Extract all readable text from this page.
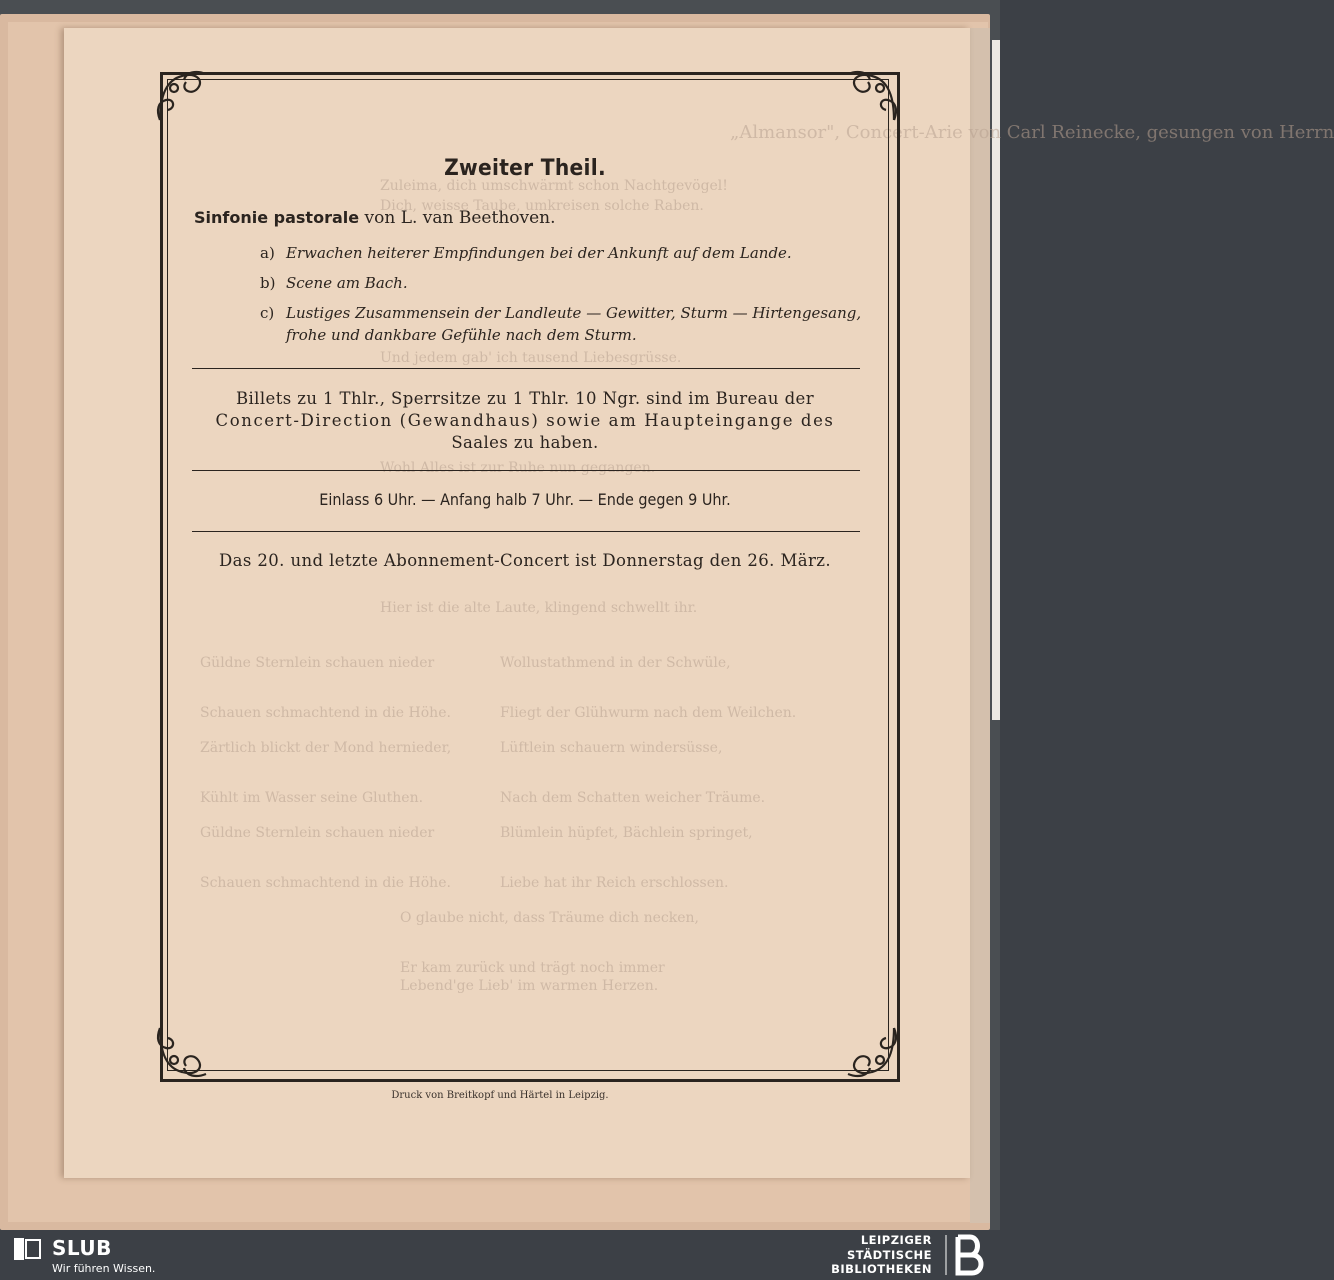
„Almansor", Concert-Arie von Carl Reinecke, gesungen von Herrn
Zuleima, dich umschwärmt schon Nachtgevögel!
Dich, weisse Taube, umkreisen solche Raben.
Und jedem gab' ich tausend Liebesgrüsse.
Wohl Alles ist zur Ruhe nun gegangen.
Hier ist die alte Laute, klingend schwellt ihr.
Güldne Sternlein schauen nieder	Wollustathmend in der Schwüle,
Schauen schmachtend in die Höhe.	Fliegt der Glühwurm nach dem Weilchen.
Zärtlich blickt der Mond hernieder,	Lüftlein schauern windersüsse,
Kühlt im Wasser seine Gluthen.	Nach dem Schatten weicher Träume.
Güldne Sternlein schauen nieder	Blümlein hüpfet, Bächlein springet,
Schauen schmachtend in die Höhe.	Liebe hat ihr Reich erschlossen.
O glaube nicht, dass Träume dich necken,
Er kam zurück und trägt noch immer
Lebend'ge Lieb' im warmen Herzen.
Zweiter Theil.
Sinfonie pastorale von L. van Beethoven.
a) Erwachen heiterer Empfindungen bei der Ankunft auf dem Lande.
b) Scene am Bach.
c) Lustiges Zusammensein der Landleute — Gewitter, Sturm — Hirtengesang,
frohe und dankbare Gefühle nach dem Sturm.
Billets zu 1 Thlr., Sperrsitze zu 1 Thlr. 10 Ngr. sind im Bureau der
Concert-Direction (Gewandhaus) sowie am Haupteingange des
Saales zu haben.
Einlass 6 Uhr. — Anfang halb 7 Uhr. — Ende gegen 9 Uhr.
Das 20. und letzte Abonnement-Concert ist Donnerstag den 26. März.
Druck von Breitkopf und Härtel in Leipzig.
SLUB
Wir führen Wissen.
LEIPZIGER
STÄDTISCHE
BIBLIOTHEKEN
